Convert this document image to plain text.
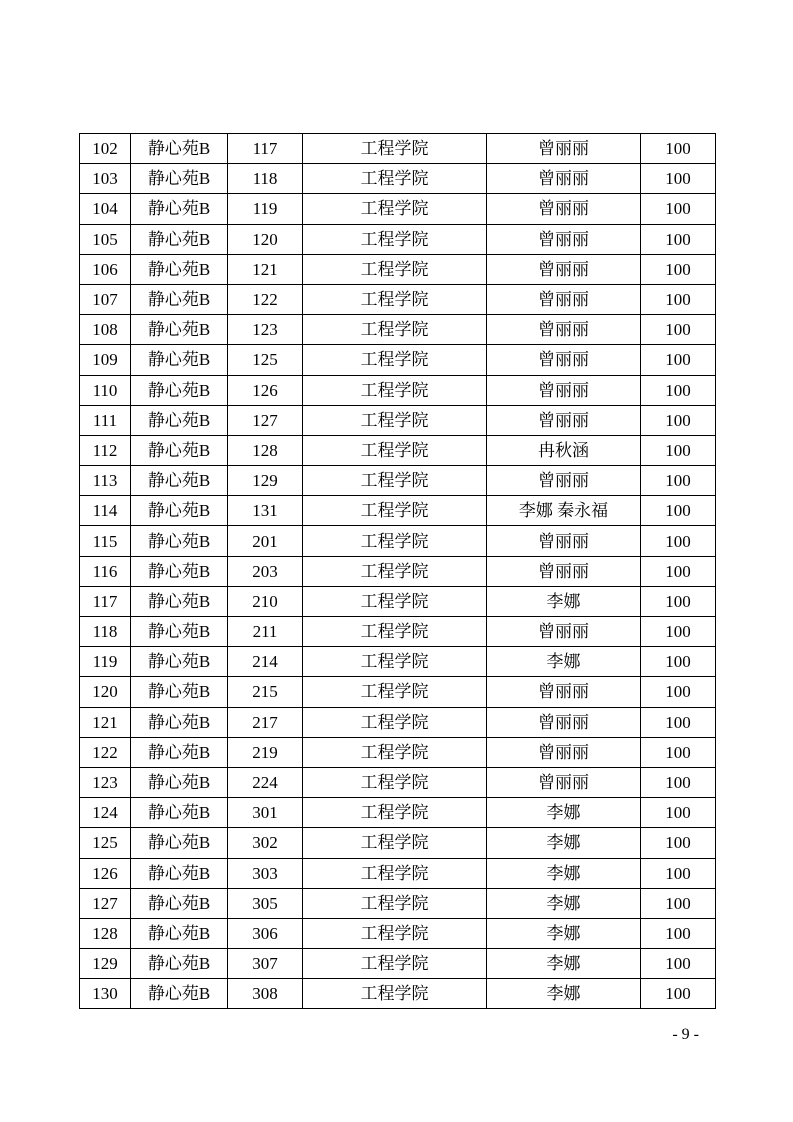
102	静心苑B	117	工程学院	曾丽丽	100
103	静心苑B	118	工程学院	曾丽丽	100
104	静心苑B	119	工程学院	曾丽丽	100
105	静心苑B	120	工程学院	曾丽丽	100
106	静心苑B	121	工程学院	曾丽丽	100
107	静心苑B	122	工程学院	曾丽丽	100
108	静心苑B	123	工程学院	曾丽丽	100
109	静心苑B	125	工程学院	曾丽丽	100
110	静心苑B	126	工程学院	曾丽丽	100
111	静心苑B	127	工程学院	曾丽丽	100
112	静心苑B	128	工程学院	冉秋涵	100
113	静心苑B	129	工程学院	曾丽丽	100
114	静心苑B	131	工程学院	李娜 秦永福	100
115	静心苑B	201	工程学院	曾丽丽	100
116	静心苑B	203	工程学院	曾丽丽	100
117	静心苑B	210	工程学院	李娜	100
118	静心苑B	211	工程学院	曾丽丽	100
119	静心苑B	214	工程学院	李娜	100
120	静心苑B	215	工程学院	曾丽丽	100
121	静心苑B	217	工程学院	曾丽丽	100
122	静心苑B	219	工程学院	曾丽丽	100
123	静心苑B	224	工程学院	曾丽丽	100
124	静心苑B	301	工程学院	李娜	100
125	静心苑B	302	工程学院	李娜	100
126	静心苑B	303	工程学院	李娜	100
127	静心苑B	305	工程学院	李娜	100
128	静心苑B	306	工程学院	李娜	100
129	静心苑B	307	工程学院	李娜	100
130	静心苑B	308	工程学院	李娜	100
- 9 -
